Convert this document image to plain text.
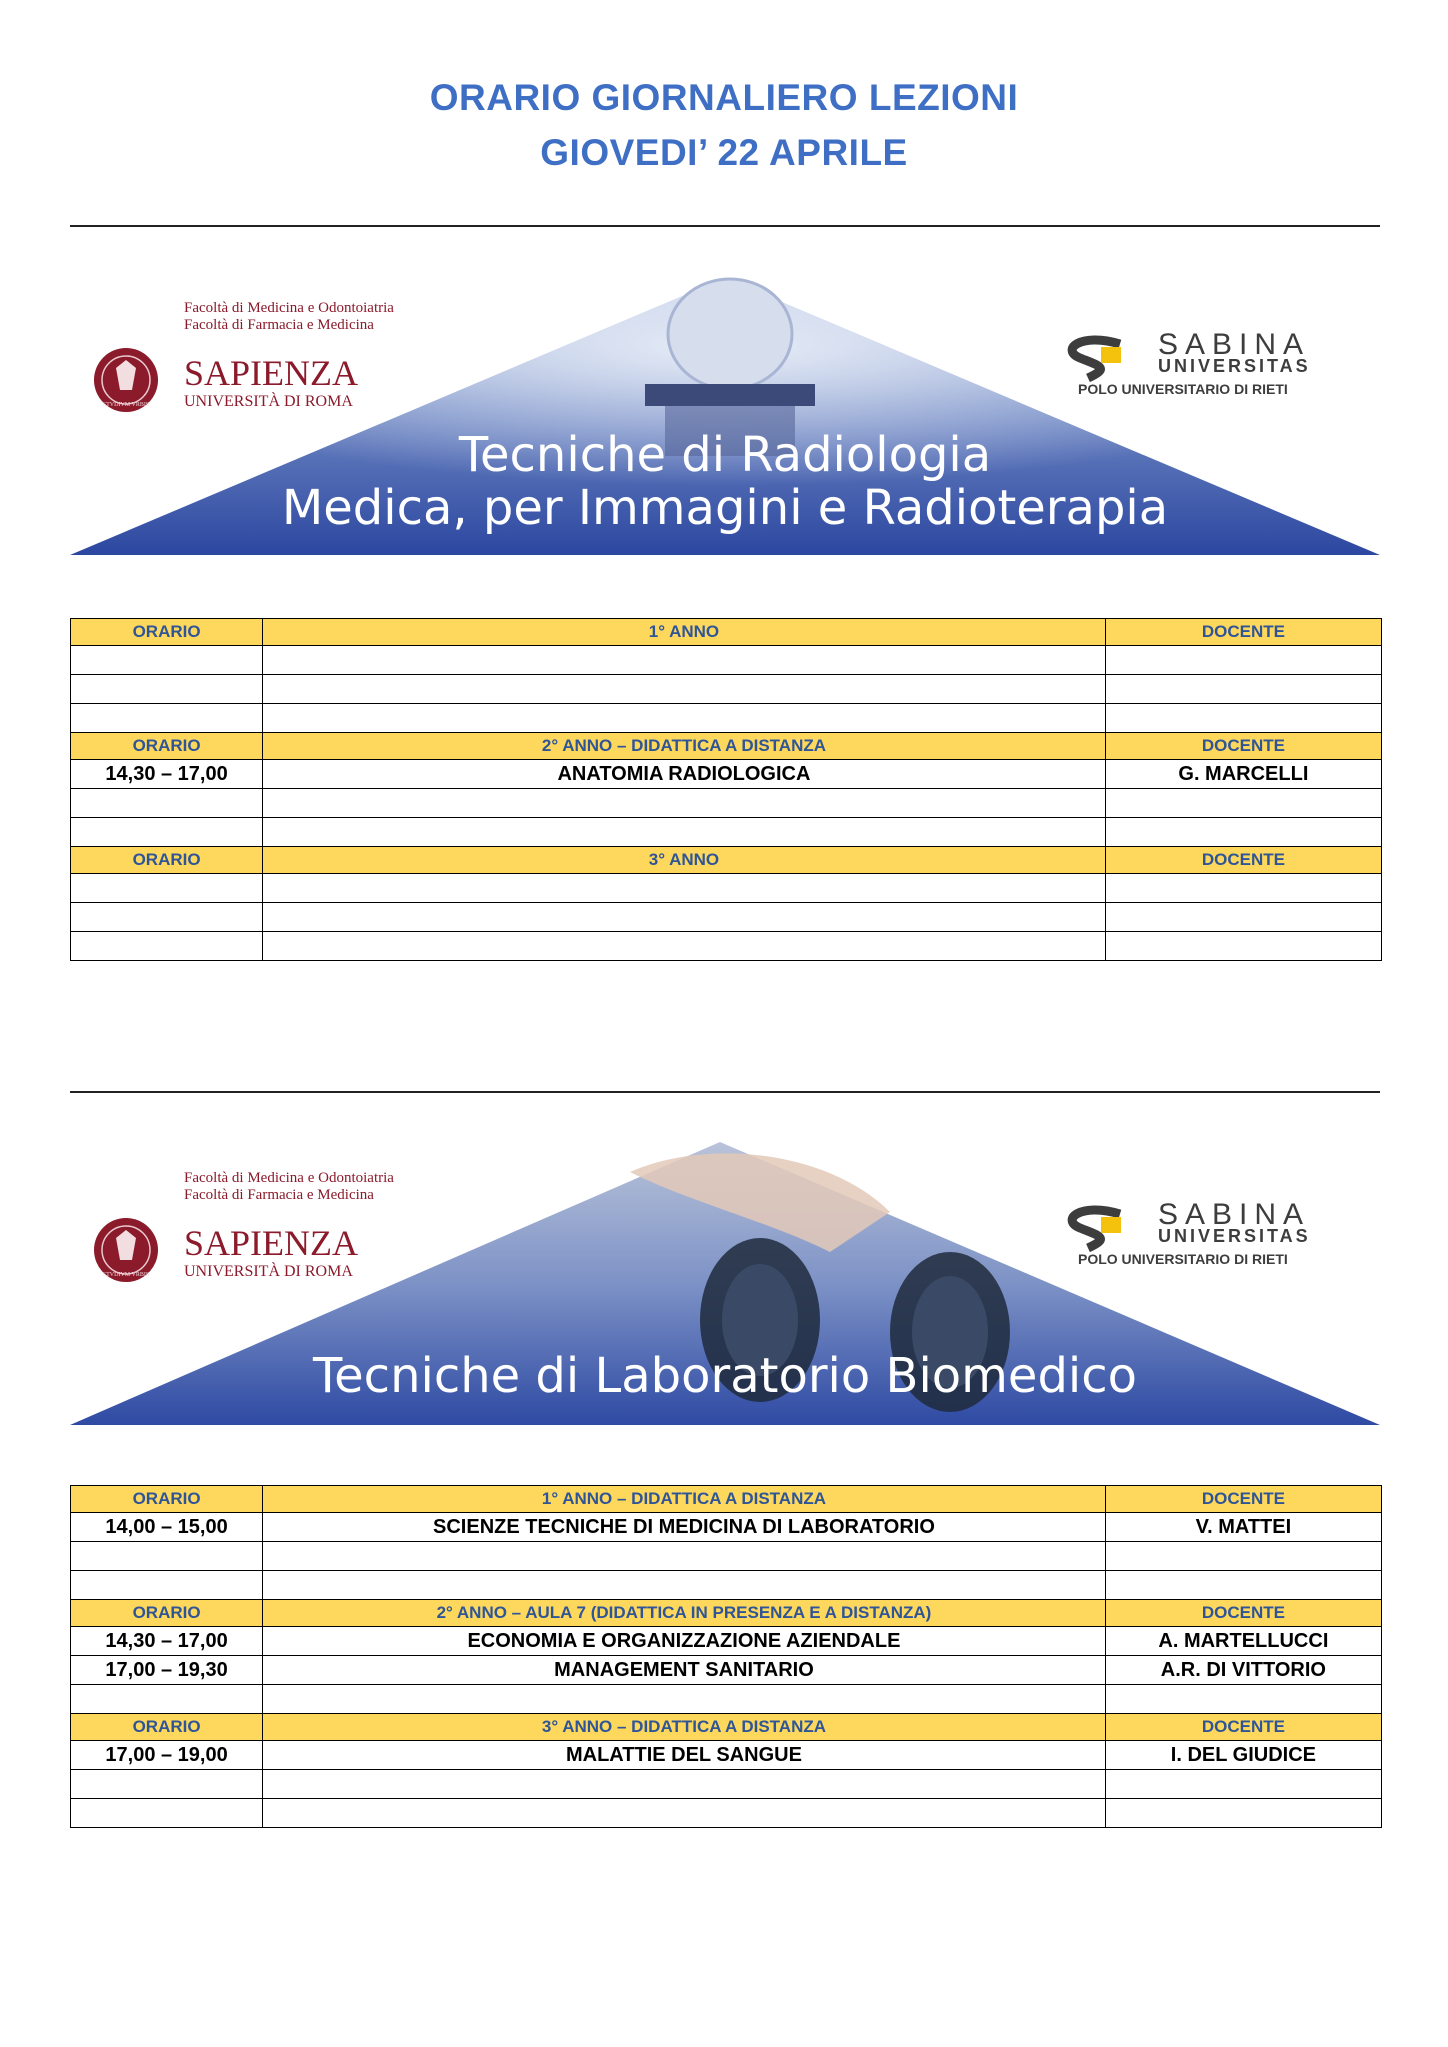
ORARIO GIORNALIERO LEZIONI
GIOVEDI’ 22 APRILE
STVDIVM VRBIS
Facoltà di Medicina e Odontoiatria
Facoltà di Farmacia e Medicina
SAPIENZA
UNIVERSITÀ DI ROMA
SABINA
UNIVERSITAS
POLO UNIVERSITARIO DI RIETI
Tecniche di Radiologia
Medica, per Immagini e Radioterapia
ORARIO	1° ANNO	DOCENTE

ORARIO	2° ANNO – DIDATTICA A DISTANZA	DOCENTE
14,30 – 17,00	ANATOMIA RADIOLOGICA	G. MARCELLI

ORARIO	3° ANNO	DOCENTE

STVDIVM VRBIS
Facoltà di Medicina e Odontoiatria
Facoltà di Farmacia e Medicina
SAPIENZA
UNIVERSITÀ DI ROMA
SABINA
UNIVERSITAS
POLO UNIVERSITARIO DI RIETI
Tecniche di Laboratorio Biomedico
ORARIO	1° ANNO – DIDATTICA A DISTANZA	DOCENTE
14,00 – 15,00	SCIENZE TECNICHE DI MEDICINA DI LABORATORIO	V. MATTEI

ORARIO	2° ANNO – AULA 7 (DIDATTICA IN PRESENZA E A DISTANZA)	DOCENTE
14,30 – 17,00	ECONOMIA E ORGANIZZAZIONE AZIENDALE	A. MARTELLUCCI
17,00 – 19,30	MANAGEMENT SANITARIO	A.R. DI VITTORIO

ORARIO	3° ANNO – DIDATTICA A DISTANZA	DOCENTE
17,00 – 19,00	MALATTIE DEL SANGUE	I. DEL GIUDICE
